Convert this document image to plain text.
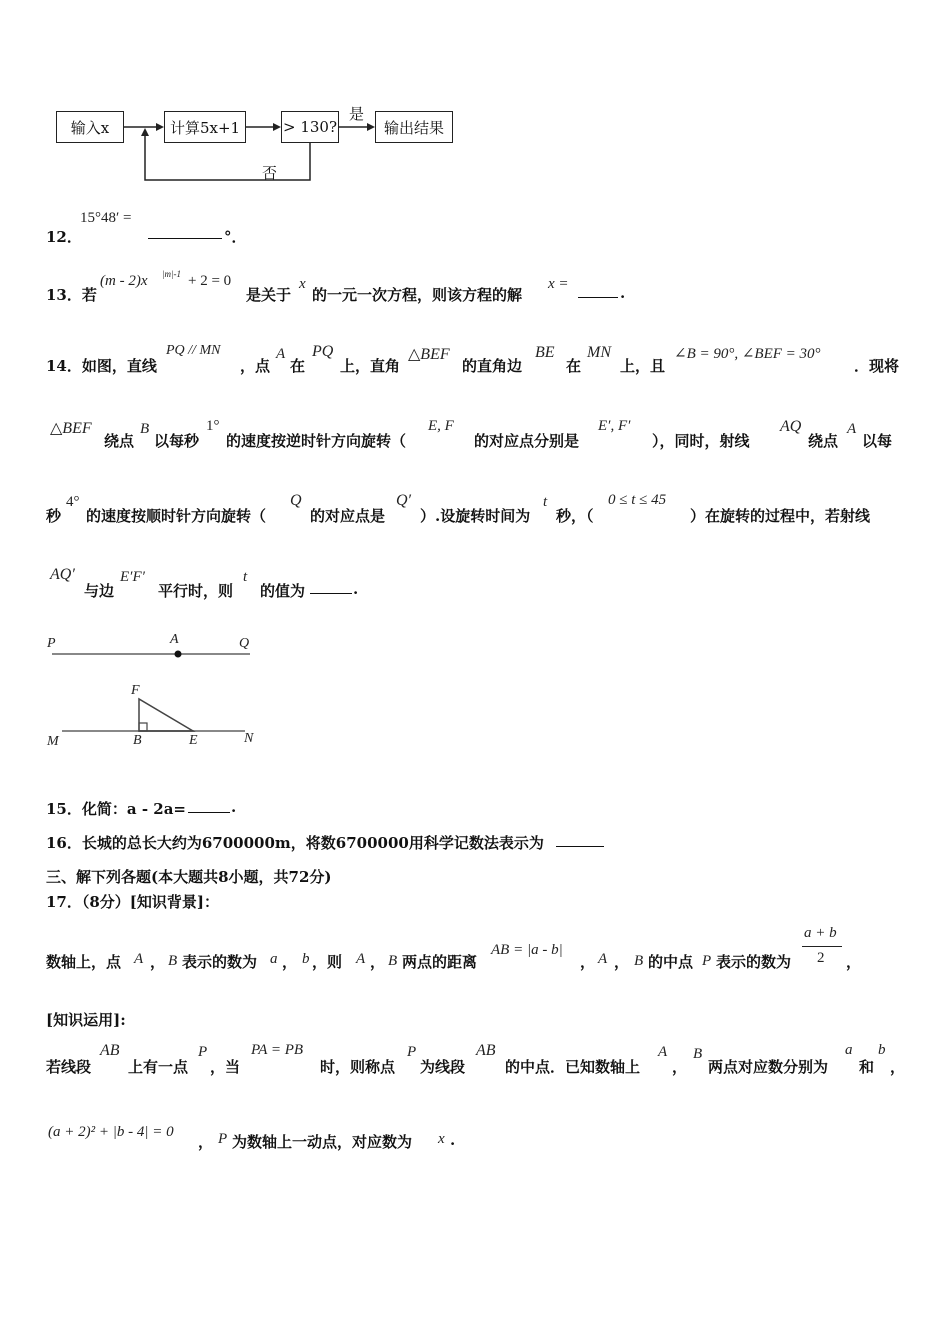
输入x	计算5x+1	> 130?	输出结果
是
否
12．
15°48′ =
°．
13．若
(m - 2)x |m|-1 + 2 = 0
是关于
x
的一元一次方程，则该方程的解
x =	.
14．如图，直线
PQ // MN
，点
A
在
PQ
上，直角
△BEF
的直角边
BE
在
MN
上，且
∠B = 90°, ∠BEF = 30°
．现将
△BEF
绕点
B
以每秒
1°
的速度按逆时针方向旋转（
E, F
的对应点分别是
E′, F′
），同时，射线
AQ
绕点
A
以每
秒
4°
的速度按顺时针方向旋转（
Q
的对应点是
Q′
）.设旋转时间为
t
秒，（
0 ≤ t ≤ 45
）在旋转的过程中，若射线
AQ′
与边
E′F′
平行时，则
t
的值为	.
P	A	Q
F
M	B	E	N
15．化简：a - 2a=	.
16．长城的总长大约为6700000m，将数6700000用科学记数法表示为
三、解下列各题(本大题共8小题，共72分)
17．（8分）[知识背景]：
数轴上，点 A ， B 表示的数为 a ， b ，则 A ， B 两点的距离
AB = |a - b|
， A ， B 的中点 P 表示的数为
a + b
2 ，
[知识运用]:
若线段
AB
上有一点
P
，当
PA = PB
时，则称点
P
为线段
AB
的中点．已知数轴上
A
，
B
两点对应数分别为
a
和
b
，
(a + 2)² + |b - 4| = 0
， P 为数轴上一动点，对应数为 x .
